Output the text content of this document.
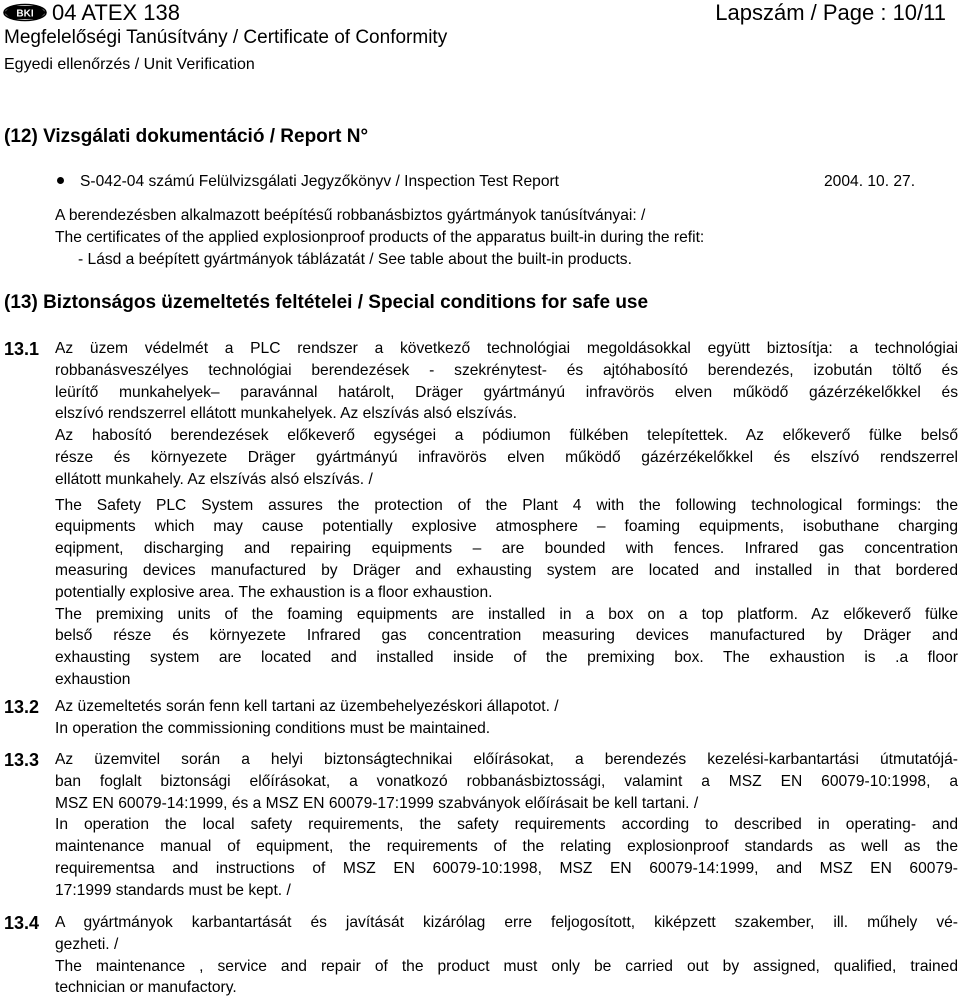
BKI 04 ATEX 138	Lapszám / Page : 10/11
Megfelelőségi Tanúsítvány / Certificate of Conformity
Egyedi ellenőrzés / Unit Verification
(12) Vizsgálati dokumentáció / Report N°
S-042-04 számú Felülvizsgálati Jegyzőkönyv / Inspection Test Report	2004. 10. 27.
A berendezésben alkalmazott beépítésű robbanásbiztos gyártmányok tanúsítványai: /
The certificates of the applied explosionproof products of the apparatus built-in during the refit:
- Lásd a beépített gyártmányok táblázatát / See table about the built-in products.
(13) Biztonságos üzemeltetés feltételei / Special conditions for safe use
13.1 Az üzem védelmét a PLC rendszer a következő technológiai megoldásokkal együtt biztosítja: a technológiai

robbanásveszélyes technológiai berendezések - szekrénytest- és ajtóhabosító berendezés, izobután töltő és

leürítő munkahelyek– paravánnal határolt, Dräger gyártmányú infravörös elven működő gázérzékelőkkel és

elszívó rendszerrel ellátott munkahelyek. Az elszívás alsó elszívás.

Az habosító berendezések előkeverő egységei a pódiumon fülkében telepítettek. Az előkeverő fülke belső

része és környezete Dräger gyártmányú infravörös elven működő gázérzékelőkkel és elszívó rendszerrel

ellátott munkahely. Az elszívás alsó elszívás. /

The Safety PLC System assures the protection of the Plant 4 with the following technological formings: the

equipments which may cause potentially explosive atmosphere – foaming equipments, isobuthane charging

eqipment, discharging and repairing equipments – are bounded with fences. Infrared gas concentration

measuring devices manufactured by Dräger and exhausting system are located and installed in that bordered

potentially explosive area. The exhaustion is a floor exhaustion.

The premixing units of the foaming equipments are installed in a box on a top platform. Az előkeverő fülke

belső része és környezete Infrared gas concentration measuring devices manufactured by Dräger and

exhausting system are located and installed inside of the premixing box. The exhaustion is .a floor

exhaustion

13.2 Az üzemeltetés során fenn kell tartani az üzembehelyezéskori állapotot. /

In operation the commissioning conditions must be maintained.

13.3 Az üzemvitel során a helyi biztonságtechnikai előírásokat, a berendezés kezelési-karbantartási útmutatójá-

ban foglalt biztonsági előírásokat, a vonatkozó robbanásbiztossági, valamint a MSZ EN 60079-10:1998, a

MSZ EN 60079-14:1999, és a MSZ EN 60079-17:1999 szabványok előírásait be kell tartani. /

In operation the local safety requirements, the safety requirements according to described in operating- and

maintenance manual of equipment, the requirements of the relating explosionproof standards as well as the

requirementsa and instructions of MSZ EN 60079-10:1998, MSZ EN 60079-14:1999, and MSZ EN 60079-

17:1999 standards must be kept. /

13.4 A gyártmányok karbantartását és javítását kizárólag erre feljogosított, kiképzett szakember, ill. műhely vé-

gezheti. /

The maintenance , service and repair of the product must only be carried out by assigned, qualified, trained

technician or manufactory.
